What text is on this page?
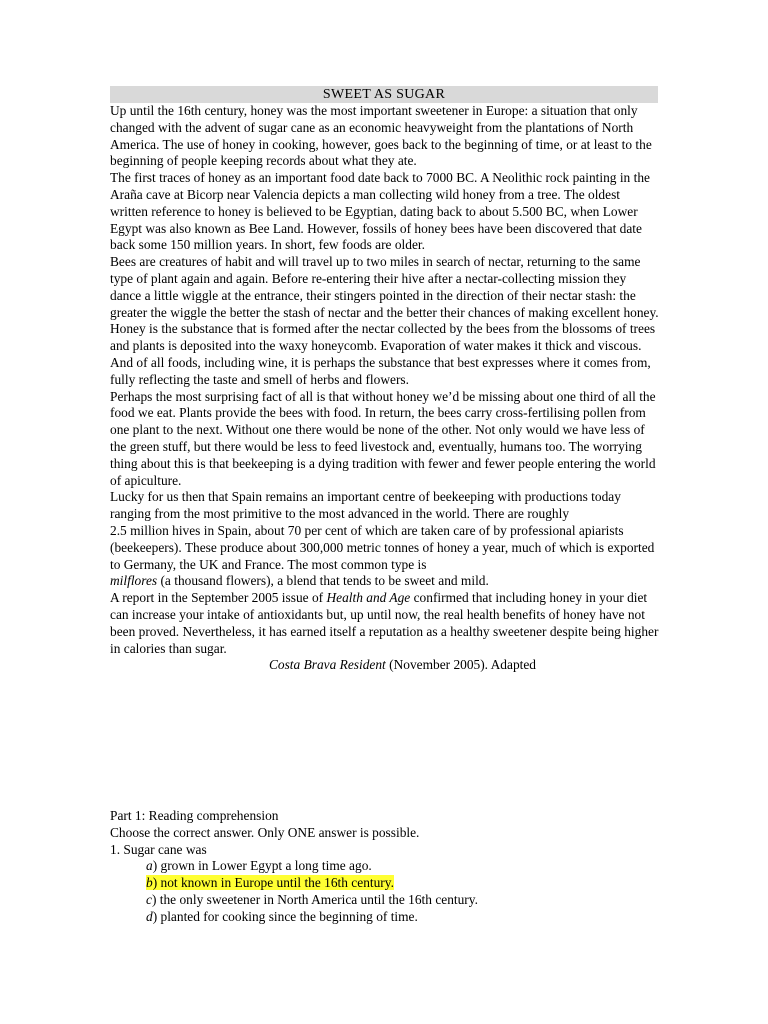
SWEET AS SUGAR

Up until the 16th century, honey was the most important sweetener in Europe: a situation that only changed with the advent of sugar cane as an economic heavyweight from the plantations of North America. The use of honey in cooking, however, goes back to the beginning of time, or at least to the beginning of people keeping records about what they ate.

The first traces of honey as an important food date back to 7000 BC. A Neolithic rock painting in the Araña cave at Bicorp near Valencia depicts a man collecting wild honey from a tree. The oldest written reference to honey is believed to be Egyptian, dating back to about 5.500 BC, when Lower Egypt was also known as Bee Land. However, fossils of honey bees have been discovered that date back some 150 million years. In short, few foods are older.

Bees are creatures of habit and will travel up to two miles in search of nectar, returning to the same type of plant again and again. Before re-entering their hive after a nectar-collecting mission they dance a little wiggle at the entrance, their stingers pointed in the direction of their nectar stash: the greater the wiggle the better the stash of nectar and the better their chances of making excellent honey.

Honey is the substance that is formed after the nectar collected by the bees from the blossoms of trees and plants is deposited into the waxy honeycomb. Evaporation of water makes it thick and viscous. And of all foods, including wine, it is perhaps the substance that best expresses where it comes from, fully reflecting the taste and smell of herbs and flowers.

Perhaps the most surprising fact of all is that without honey we’d be missing about one third of all the food we eat. Plants provide the bees with food. In return, the bees carry cross-fertilising pollen from one plant to the next. Without one there would be none of the other. Not only would we have less of the green stuff, but there would be less to feed livestock and, eventually, humans too. The worrying thing about this is that beekeeping is a dying tradition with fewer and fewer people entering the world of apiculture.

Lucky for us then that Spain remains an important centre of beekeeping with productions today ranging from the most primitive to the most advanced in the world. There are roughly

2.5 million hives in Spain, about 70 per cent of which are taken care of by professional apiarists (beekeepers). These produce about 300,000 metric tonnes of honey a year, much of which is exported to Germany, the UK and France. The most common type is
milflores (a thousand flowers), a blend that tends to be sweet and mild.

A report in the September 2005 issue of Health and Age confirmed that including honey in your diet can increase your intake of antioxidants but, up until now, the real health benefits of honey have not been proved. Nevertheless, it has earned itself a reputation as a healthy sweetener despite being higher in calories than sugar.

Costa Brava Resident (November 2005). Adapted

Part 1: Reading comprehension

Choose the correct answer. Only ONE answer is possible.

1. Sugar cane was

a) grown in Lower Egypt a long time ago.
b) not known in Europe until the 16th century.
c) the only sweetener in North America until the 16th century.
d) planted for cooking since the beginning of time.
